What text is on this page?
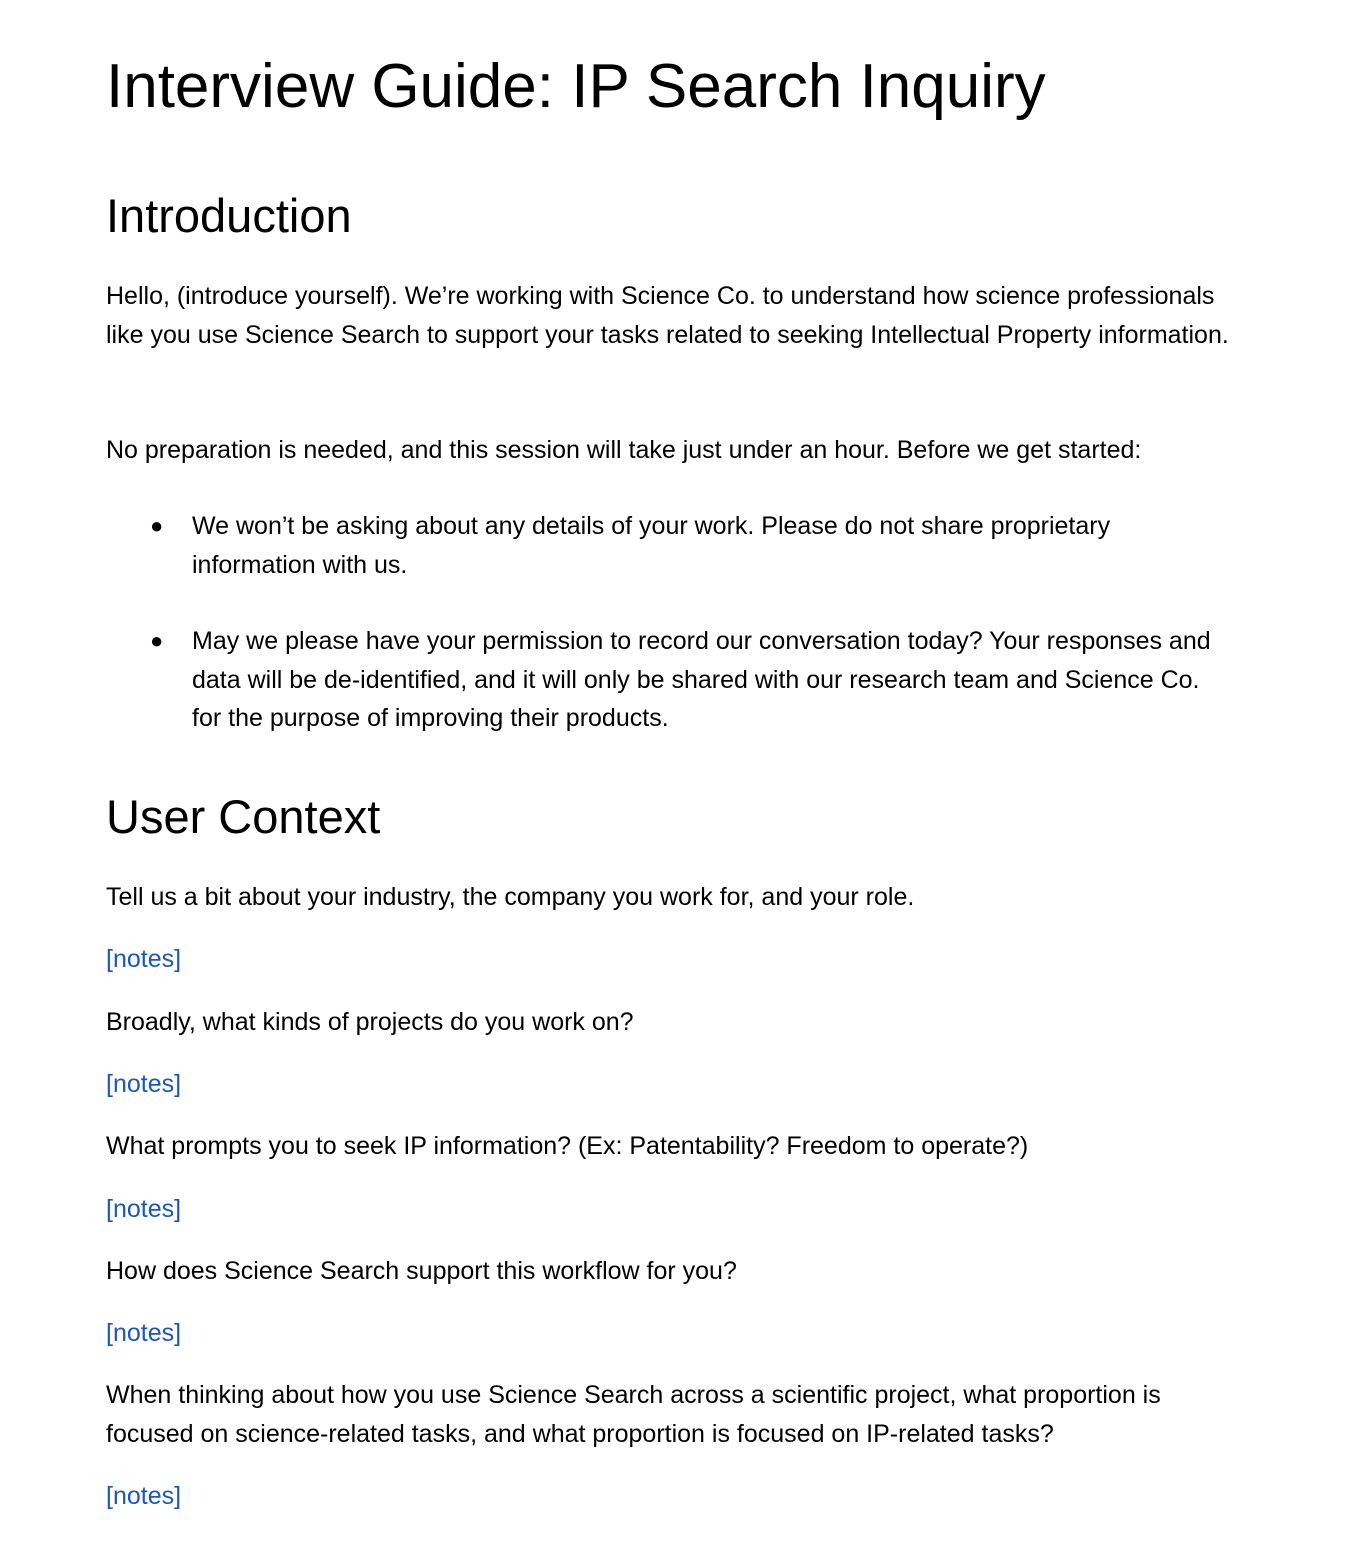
Interview Guide: IP Search Inquiry
Introduction

Hello, (introduce yourself). We’re working with Science Co. to understand how science professionals like you use Science Search to support your tasks related to seeking Intellectual Property information.

No preparation is needed, and this session will take just under an hour. Before we get started:

● We won’t be asking about any details of your work. Please do not share proprietary information with us.

● May we please have your permission to record our conversation today? Your responses and data will be de-identified, and it will only be shared with our research team and Science Co. for the purpose of improving their products.

User Context

Tell us a bit about your industry, the company you work for, and your role.

[notes]

Broadly, what kinds of projects do you work on?

[notes]

What prompts you to seek IP information? (Ex: Patentability? Freedom to operate?)

[notes]

How does Science Search support this workflow for you?

[notes]

When thinking about how you use Science Search across a scientific project, what proportion is focused on science-related tasks, and what proportion is focused on IP-related tasks?

[notes]
